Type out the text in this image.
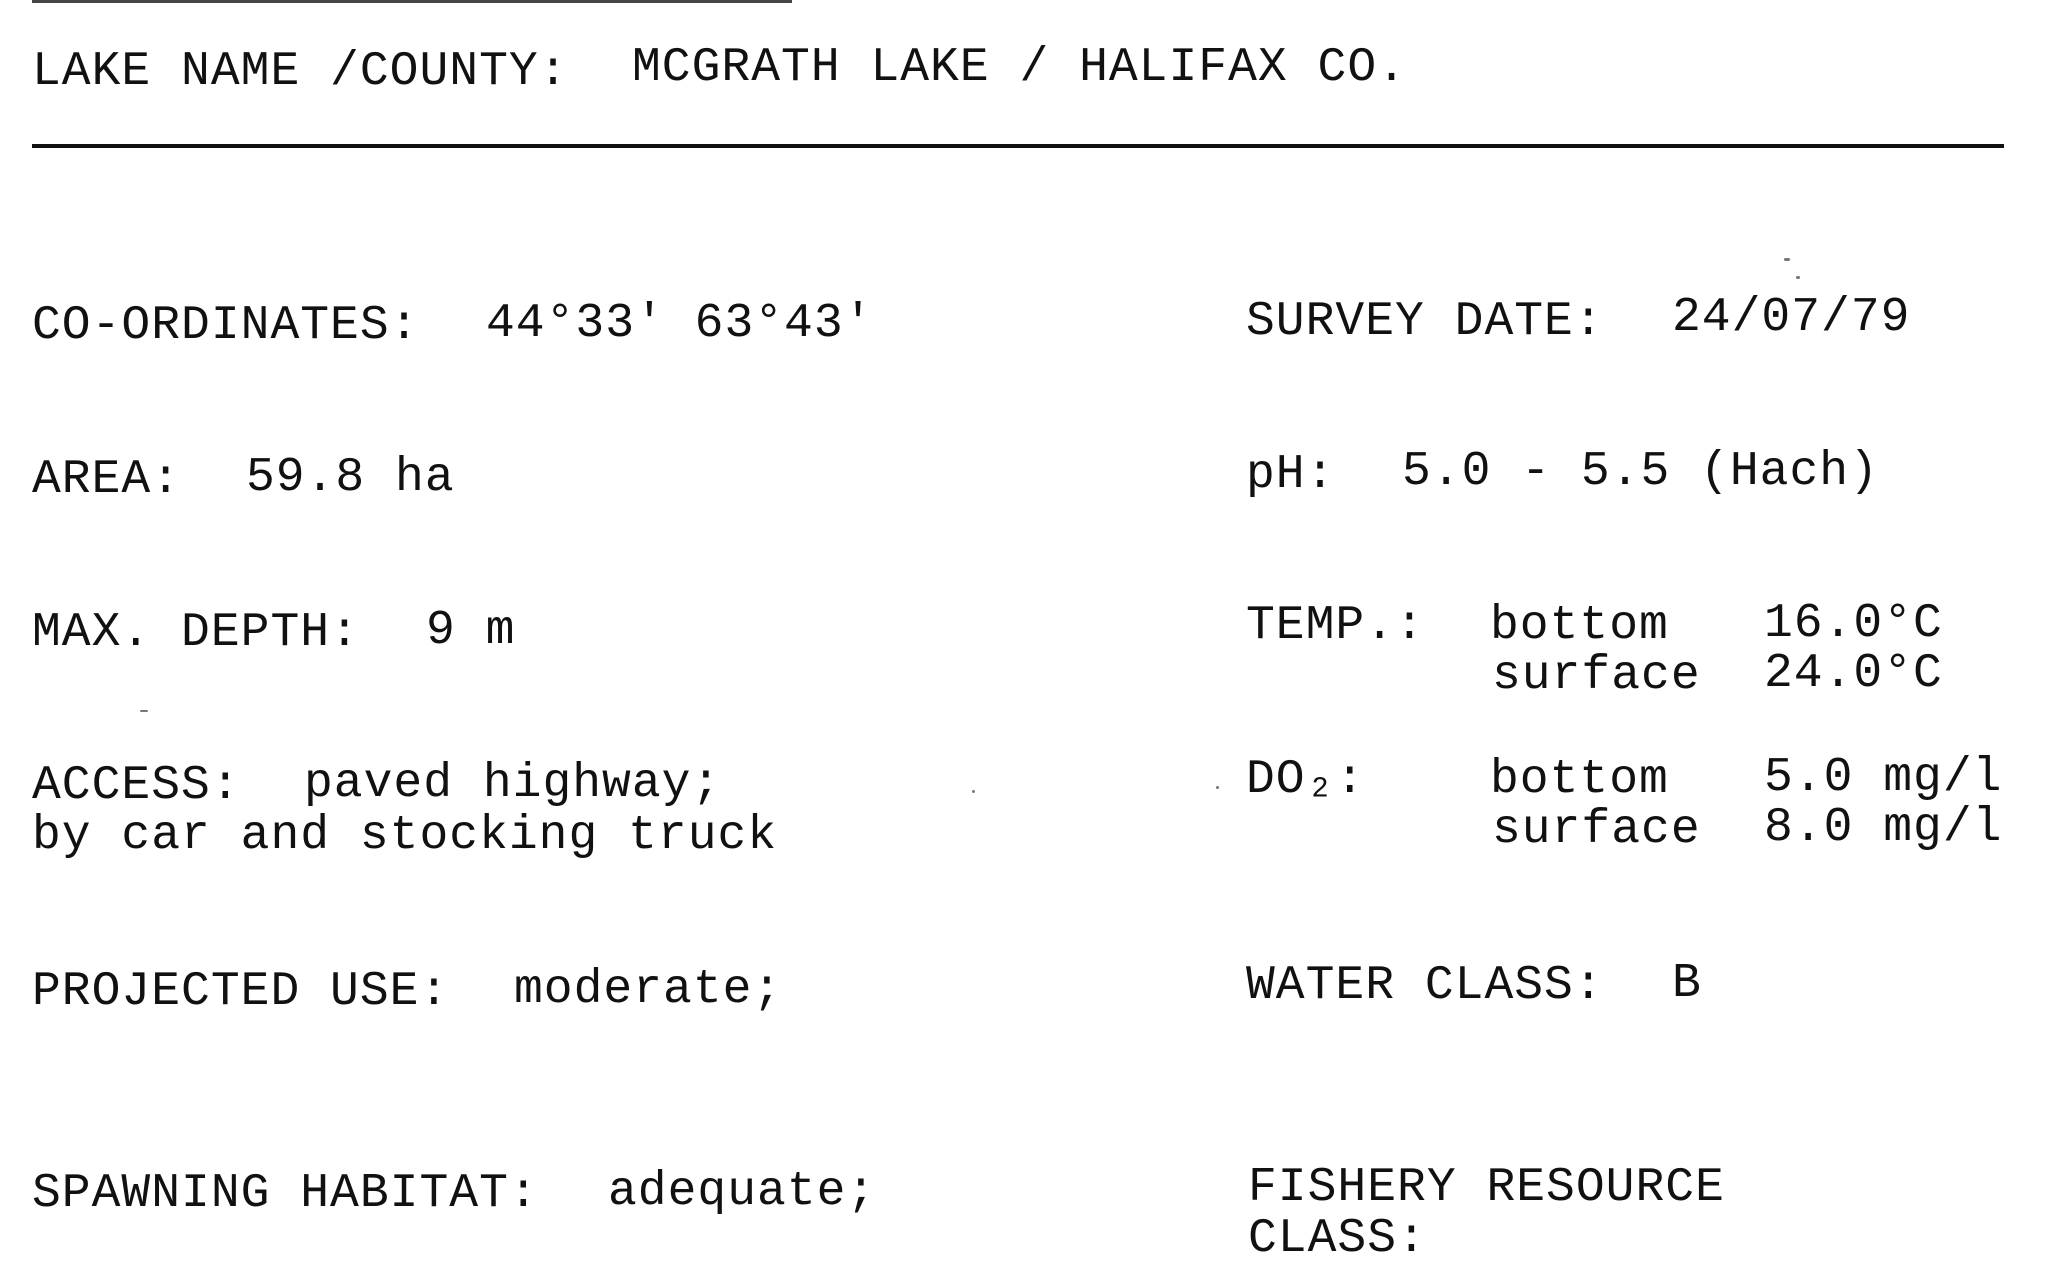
LAKE NAME /COUNTY: MCGRATH LAKE / HALIFAX CO.
CO-ORDINATES: 44°33' 63°43'
AREA: 59.8 ha
MAX. DEPTH: 9 m
ACCESS: paved highway;
by car and stocking truck
PROJECTED USE: moderate;
SPAWNING HABITAT: adequate;
SURVEY DATE: 24/07/79
pH: 5.0 - 5.5 (Hach)
TEMP.: bottom 16.0°C
surface 24.0°C
DO₂:	bottom 5.0 mg/l
surface 8.0 mg/l
WATER CLASS: B
FISHERY RESOURCE
CLASS:
